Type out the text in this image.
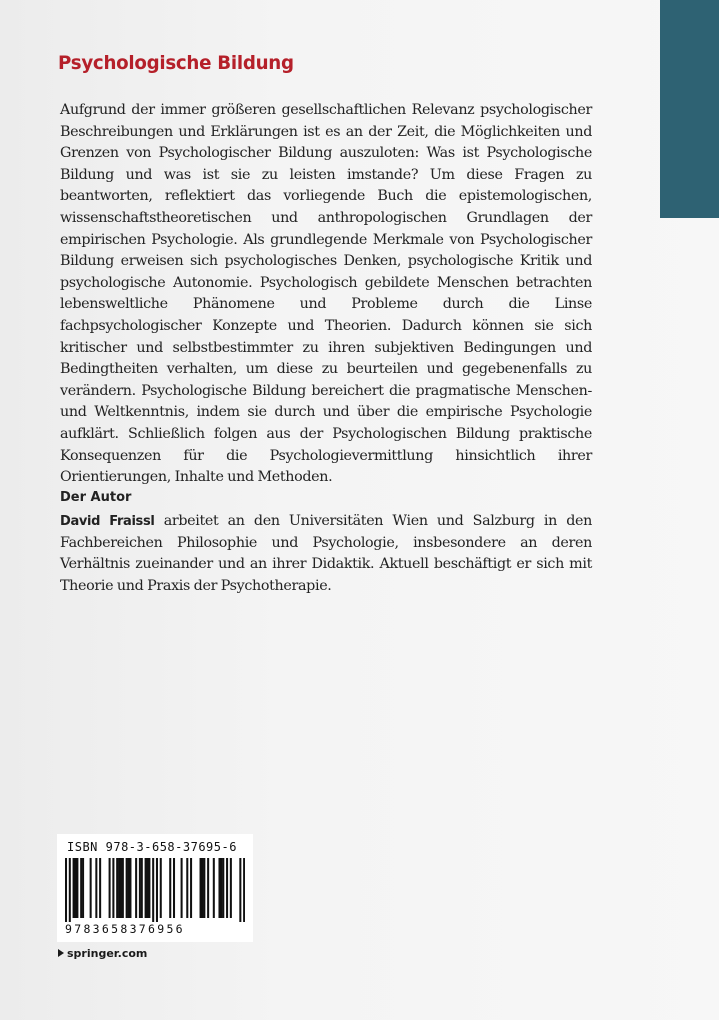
Psychologische Bildung

Aufgrund der immer größeren gesellschaftlichen Relevanz psychologischer Beschreibungen und Erklärungen ist es an der Zeit, die Möglichkeiten und Grenzen von Psychologischer Bildung auszuloten: Was ist Psychologische Bildung und was ist sie zu leisten imstande? Um diese Fragen zu beantworten, reflektiert das vorliegende Buch die epistemologischen, wissenschaftstheoretischen und anthropologischen Grundlagen der empirischen Psychologie. Als grundlegende Merkmale von Psychologischer Bildung erweisen sich psychologisches Denken, psychologische Kritik und psychologische Autonomie. Psychologisch gebildete Menschen betrachten lebensweltliche Phänomene und Probleme durch die Linse fachpsychologischer Konzepte und Theorien. Dadurch können sie sich kritischer und selbstbestimmter zu ihren subjektiven Bedingungen und Bedingtheiten verhalten, um diese zu beurteilen und gegebenenfalls zu verändern. Psychologische Bildung bereichert die pragmatische Menschen- und Weltkenntnis, indem sie durch und über die empirische Psychologie aufklärt. Schließlich folgen aus der Psychologischen Bildung praktische Konsequenzen für die Psychologievermittlung hinsichtlich ihrer Orientierungen, Inhalte und Methoden.

Der Autor

David Fraissl arbeitet an den Universitäten Wien und Salzburg in den Fachbereichen Philosophie und Psychologie, insbesondere an deren Verhältnis zueinander und an ihrer Didaktik. Aktuell beschäftigt er sich mit Theorie und Praxis der Psychotherapie.

ISBN 978-3-658-37695-6
9783658376956
springer.com
